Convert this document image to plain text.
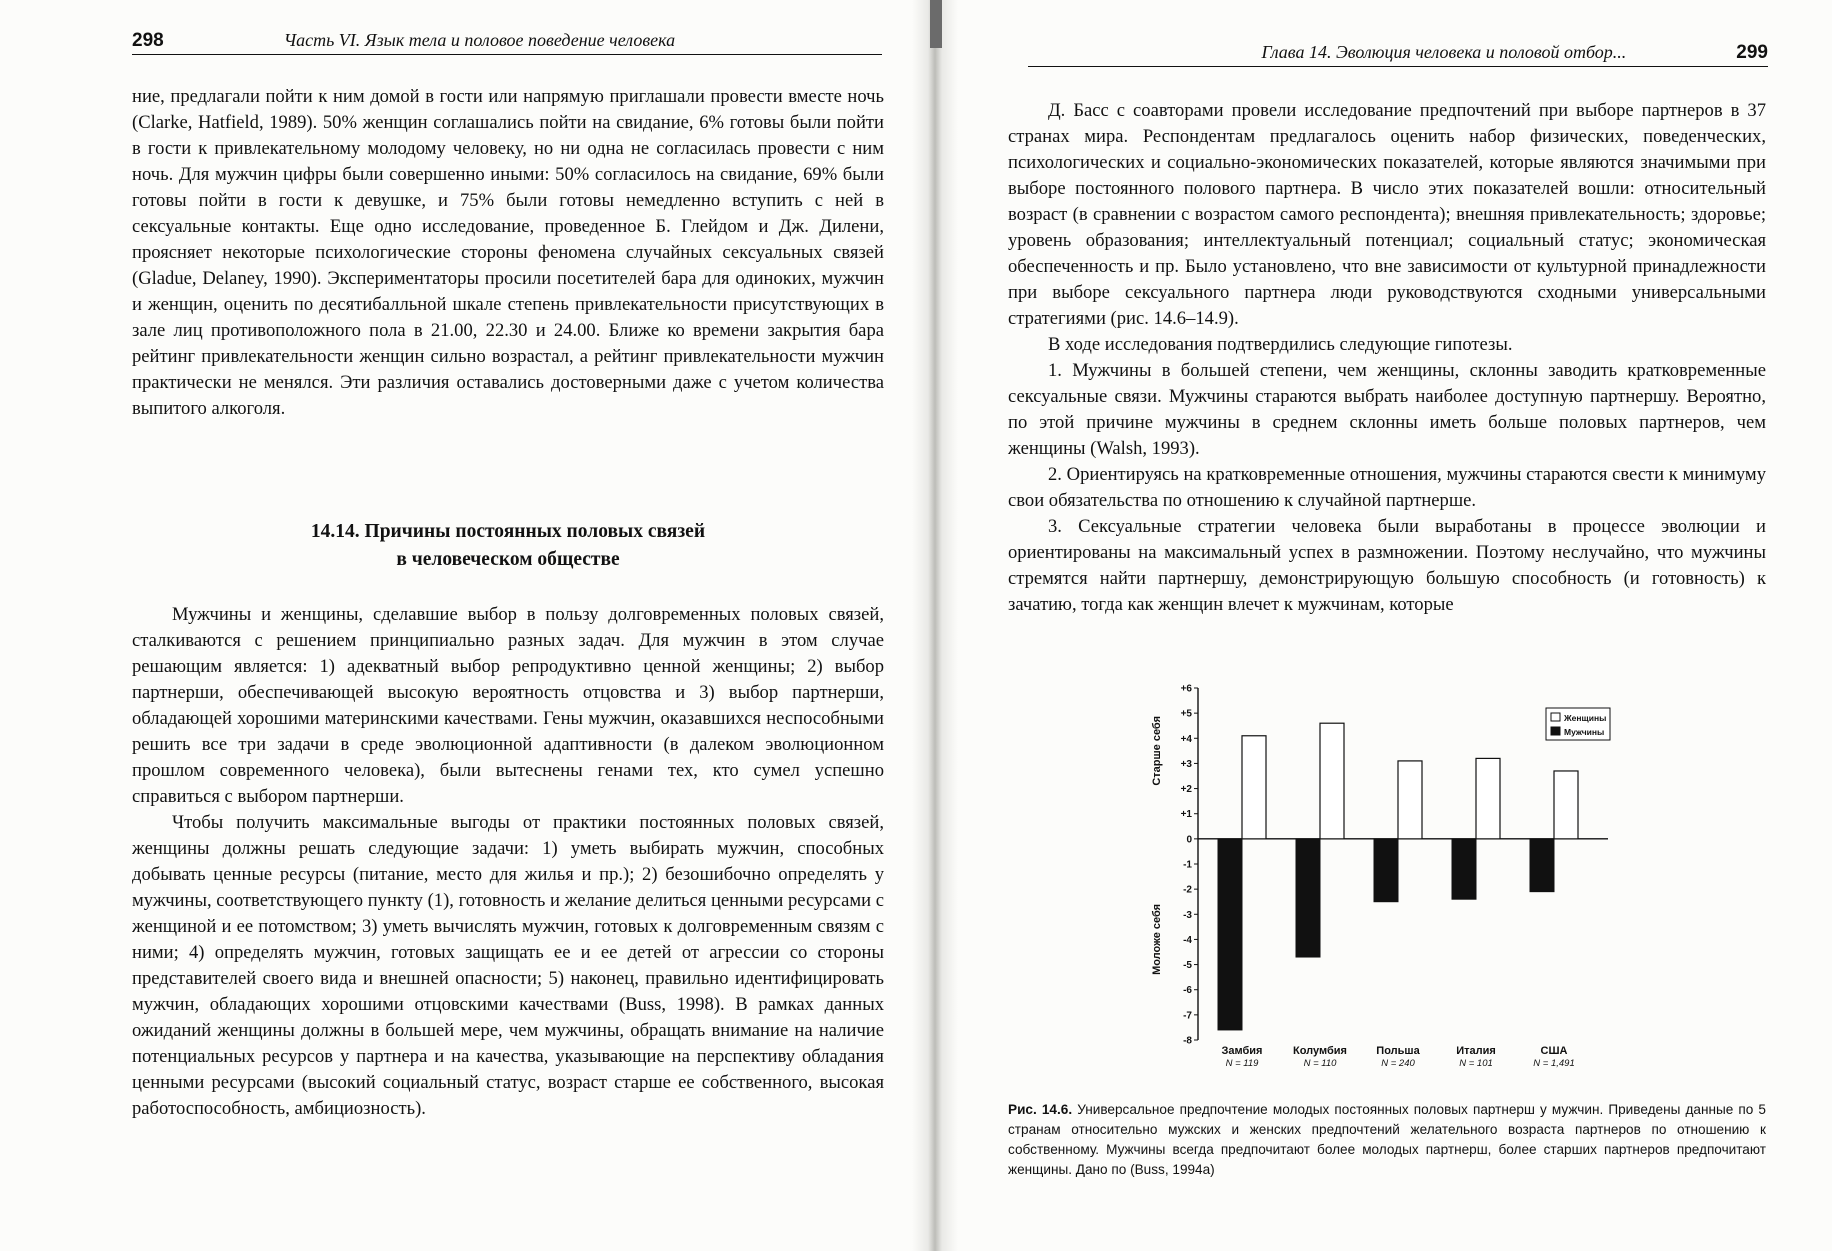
298	Часть VI. Язык тела и половое поведение человека

ние, предлагали пойти к ним домой в гости или напрямую приглашали провести вместе ночь (Clarke, Hatfield, 1989). 50% женщин соглашались пойти на свидание, 6% готовы были пойти в гости к привлекательному молодому человеку, но ни одна не согласилась провести с ним ночь. Для мужчин цифры были совершенно иными: 50% согласилось на свидание, 69% были готовы пойти в гости к девушке, и 75% были готовы немедленно вступить с ней в сексуальные контакты. Еще одно исследование, проведенное Б. Глейдом и Дж. Дилени, проясняет некоторые психологические стороны феномена случайных сексуальных связей (Gladue, Delaney, 1990). Экспериментаторы просили посетителей бара для одиноких, мужчин и женщин, оценить по десятибалльной шкале степень привлекательности присутствующих в зале лиц противоположного пола в 21.00, 22.30 и 24.00. Ближе ко времени закрытия бара рейтинг привлекательности женщин сильно возрастал, а рейтинг привлекательности мужчин практически не менялся. Эти различия оставались достоверными даже с учетом количества выпитого алкоголя.

14.14. Причины постоянных половых связей
в человеческом обществе

Мужчины и женщины, сделавшие выбор в пользу долговременных половых связей, сталкиваются с решением принципиально разных задач. Для мужчин в этом случае решающим является: 1) адекватный выбор репродуктивно ценной женщины; 2) выбор партнерши, обеспечивающей высокую вероятность отцовства и 3) выбор партнерши, обладающей хорошими материнскими качествами. Гены мужчин, оказавшихся неспособными решить все три задачи в среде эволюционной адаптивности (в далеком эволюционном прошлом современного человека), были вытеснены генами тех, кто сумел успешно справиться с выбором партнерши.

Чтобы получить максимальные выгоды от практики постоянных половых связей, женщины должны решать следующие задачи: 1) уметь выбирать мужчин, способных добывать ценные ресурсы (питание, место для жилья и пр.); 2) безошибочно определять у мужчины, соответствующего пункту (1), готовность и желание делиться ценными ресурсами с женщиной и ее потомством; 3) уметь вычислять мужчин, готовых к долговременным связям с ними; 4) определять мужчин, готовых защищать ее и ее детей от агрессии со стороны представителей своего вида и внешней опасности; 5) наконец, правильно идентифицировать мужчин, обладающих хорошими отцовскими качествами (Buss, 1998). В рамках данных ожиданий женщины должны в большей мере, чем мужчины, обращать внимание на наличие потенциальных ресурсов у партнера и на качества, указывающие на перспективу обладания ценными ресурсами (высокий социальный статус, возраст старше ее собственного, высокая работоспособность, амбициозность).

Глава 14. Эволюция человека и половой отбор...	299

Д. Басс с соавторами провели исследование предпочтений при выборе партнеров в 37 странах мира. Респондентам предлагалось оценить набор физических, поведенческих, психологических и социально-экономических показателей, которые являются значимыми при выборе постоянного полового партнера. В число этих показателей вошли: относительный возраст (в сравнении с возрастом самого респондента); внешняя привлекательность; здоровье; уровень образования; интеллектуальный потенциал; социальный статус; экономическая обеспеченность и пр. Было установлено, что вне зависимости от культурной принадлежности при выборе сексуального партнера люди руководствуются сходными универсальными стратегиями (рис. 14.6–14.9).

В ходе исследования подтвердились следующие гипотезы.

1. Мужчины в большей степени, чем женщины, склонны заводить кратковременные сексуальные связи. Мужчины стараются выбрать наиболее доступную партнершу. Вероятно, по этой причине мужчины в среднем склонны иметь больше половых партнеров, чем женщины (Walsh, 1993).

2. Ориентируясь на кратковременные отношения, мужчины стараются свести к минимуму свои обязательства по отношению к случайной партнерше.

3. Сексуальные стратегии человека были выработаны в процессе эволюции и ориентированы на максимальный успех в размножении. Поэтому неслучайно, что мужчины стремятся найти партнершу, демонстрирующую большую способность (и готовность) к зачатию, тогда как женщин влечет к мужчинам, которые

+6
+5
+4
+3
+2
+1
0
-1
-2
-3
-4
-5
-6
-7
-8
Старше себя
Моложе себя
Замбия
N = 119
Колумбия
N = 110
Польша
N = 240
Италия
N = 101
США
N = 1,491
Женщины
Мужчины
Рис. 14.6. Универсальное предпочтение молодых постоянных половых партнерш у мужчин. Приведены данные по 5 странам относительно мужских и женских предпочтений желательного возраста партнеров по отношению к собственному. Мужчины всегда предпочитают более молодых партнерш, более старших партнеров предпочитают женщины. Дано по (Buss, 1994a)
